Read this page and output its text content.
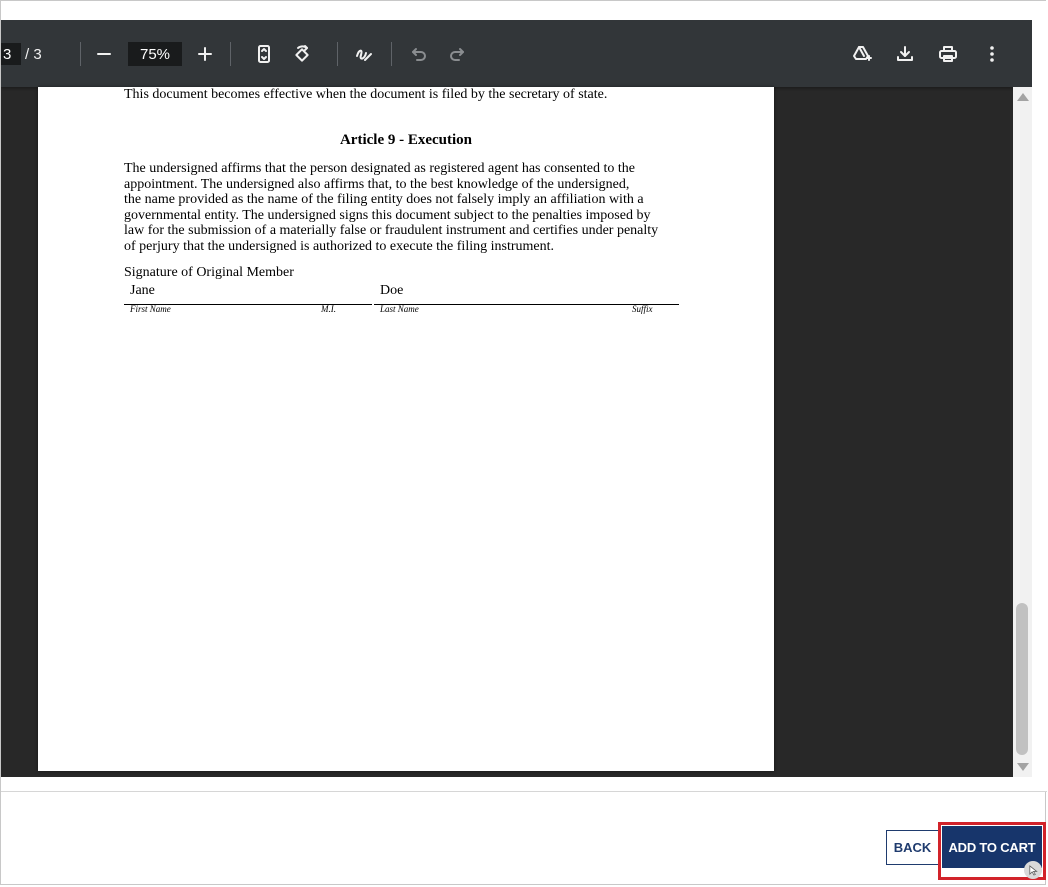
3 / 3	75%
This document becomes effective when the document is filed by the secretary of state.
Article 9 - Execution
The undersigned affirms that the person designated as registered agent has consented to the
appointment. The undersigned also affirms that, to the best knowledge of the undersigned,
the name provided as the name of the filing entity does not falsely imply an affiliation with a
governmental entity. The undersigned signs this document subject to the penalties imposed by
law for the submission of a materially false or fraudulent instrument and certifies under penalty
of perjury that the undersigned is authorized to execute the filing instrument.
Signature of Original Member
Jane	Doe
First Name	M.I.	Last Name	Suffix
BACK	ADD TO CART
